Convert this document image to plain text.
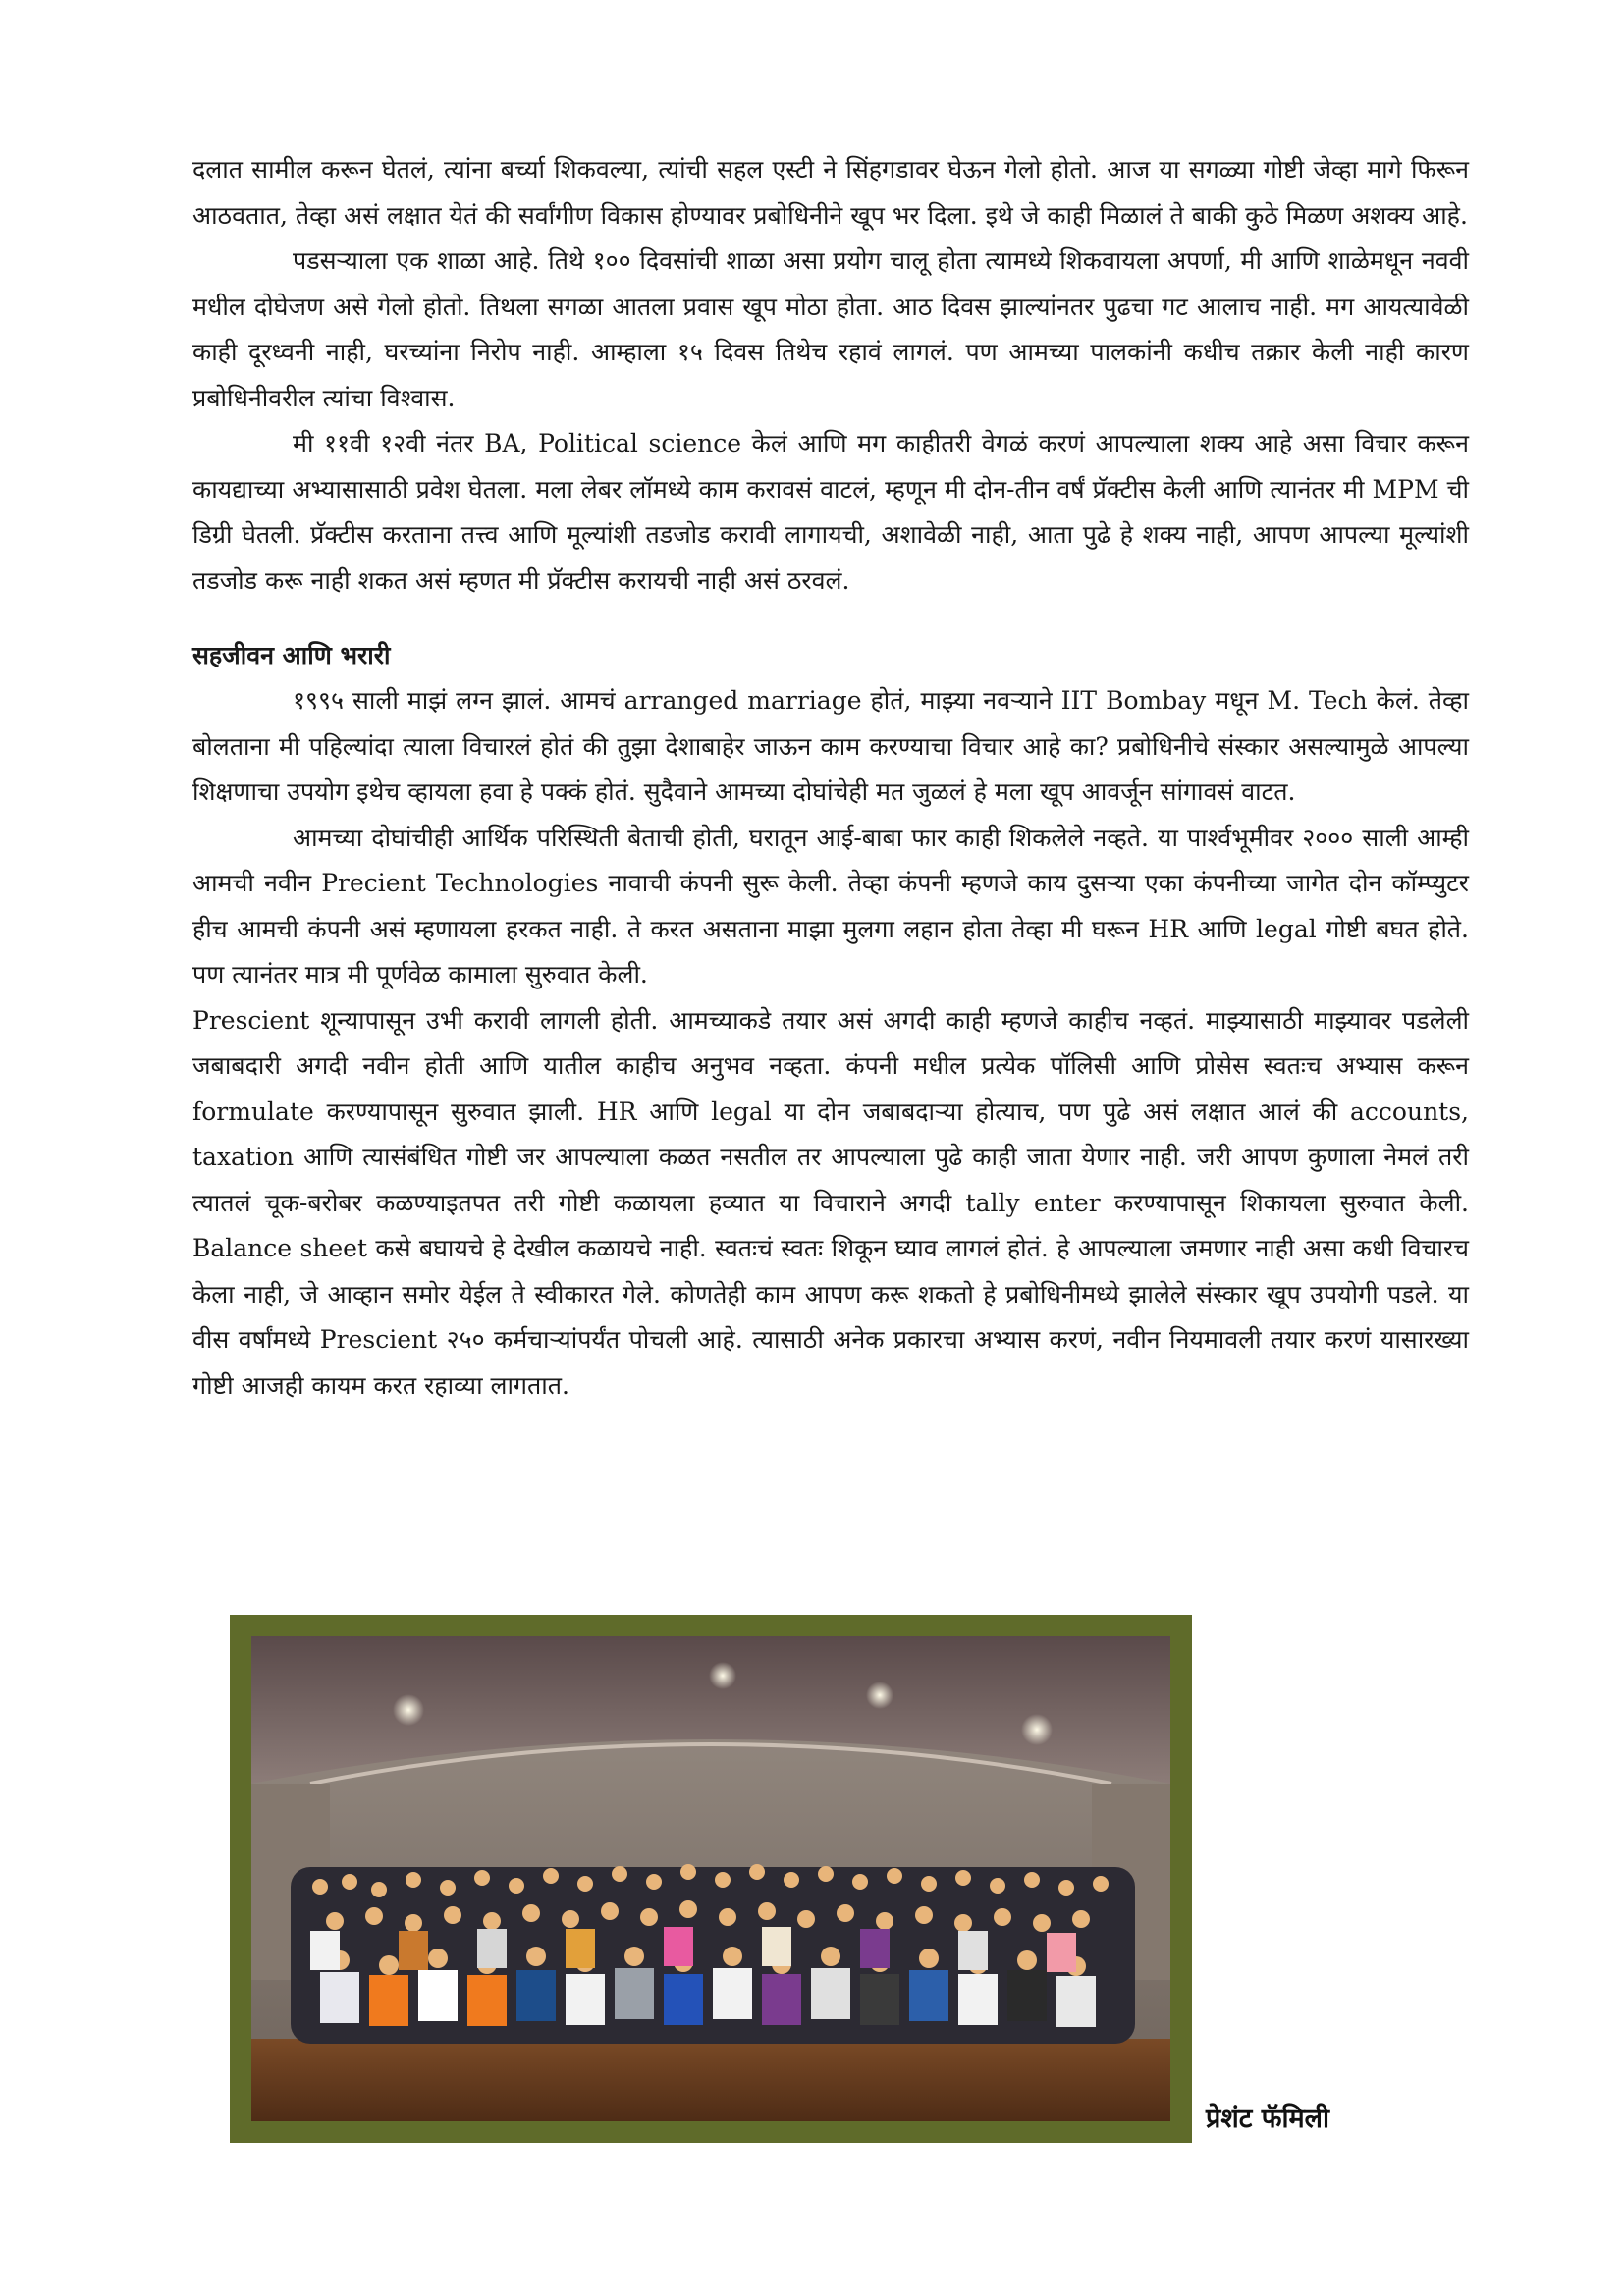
दलात सामील करून घेतलं, त्यांना बर्च्या शिकवल्या, त्यांची सहल एस्टी ने सिंहगडावर घेऊन गेलो होतो. आज या सगळ्या गोष्टी जेव्हा मागे फिरून आठवतात, तेव्हा असं लक्षात येतं की सर्वांगीण विकास होण्यावर प्रबोधिनीने खूप भर दिला. इथे जे काही मिळालं ते बाकी कुठे मिळण अशक्य आहे.

पडसऱ्याला एक शाळा आहे. तिथे १०० दिवसांची शाळा असा प्रयोग चालू होता त्यामध्ये शिकवायला अपर्णा, मी आणि शाळेमधून नववी मधील दोघेजण असे गेलो होतो. तिथला सगळा आतला प्रवास खूप मोठा होता. आठ दिवस झाल्यांनतर पुढचा गट आलाच नाही. मग आयत्यावेळी काही दूरध्वनी नाही, घरच्यांना निरोप नाही. आम्हाला १५ दिवस तिथेच रहावं लागलं. पण आमच्या पालकांनी कधीच तक्रार केली नाही कारण प्रबोधिनीवरील त्यांचा विश्वास.

मी ११वी १२वी नंतर BA, Political science केलं आणि मग काहीतरी वेगळं करणं आपल्याला शक्य आहे असा विचार करून कायद्याच्या अभ्यासासाठी प्रवेश घेतला. मला लेबर लॉमध्ये काम करावसं वाटलं, म्हणून मी दोन-तीन वर्षं प्रॅक्टीस केली आणि त्यानंतर मी MPM ची डिग्री घेतली. प्रॅक्टीस करताना तत्त्व आणि मूल्यांशी तडजोड करावी लागायची, अशावेळी नाही, आता पुढे हे शक्य नाही, आपण आपल्या मूल्यांशी तडजोड करू नाही शकत असं म्हणत मी प्रॅक्टीस करायची नाही असं ठरवलं.

सहजीवन आणि भरारी

१९९५ साली माझं लग्न झालं. आमचं arranged marriage होतं, माझ्या नवऱ्याने IIT Bombay मधून M. Tech केलं. तेव्हा बोलताना मी पहिल्यांदा त्याला विचारलं होतं की तुझा देशाबाहेर जाऊन काम करण्याचा विचार आहे का? प्रबोधिनीचे संस्कार असल्यामुळे आपल्या शिक्षणाचा उपयोग इथेच व्हायला हवा हे पक्कं होतं. सुदैवाने आमच्या दोघांचेही मत जुळलं हे मला खूप आवर्जून सांगावसं वाटत.

आमच्या दोघांचीही आर्थिक परिस्थिती बेताची होती, घरातून आई-बाबा फार काही शिकलेले नव्हते. या पार्श्वभूमीवर २००० साली आम्ही आमची नवीन Precient Technologies नावाची कंपनी सुरू केली. तेव्हा कंपनी म्हणजे काय दुसऱ्या एका कंपनीच्या जागेत दोन कॉम्प्युटर हीच आमची कंपनी असं म्हणायला हरकत नाही. ते करत असताना माझा मुलगा लहान होता तेव्हा मी घरून HR आणि legal गोष्टी बघत होते. पण त्यानंतर मात्र मी पूर्णवेळ कामाला सुरुवात केली.

Prescient शून्यापासून उभी करावी लागली होती. आमच्याकडे तयार असं अगदी काही म्हणजे काहीच नव्हतं. माझ्यासाठी माझ्यावर पडलेली जबाबदारी अगदी नवीन होती आणि यातील काहीच अनुभव नव्हता. कंपनी मधील प्रत्येक पॉलिसी आणि प्रोसेस स्वतःच अभ्यास करून formulate करण्यापासून सुरुवात झाली. HR आणि legal या दोन जबाबदाऱ्या होत्याच, पण पुढे असं लक्षात आलं की accounts, taxation आणि त्यासंबंधित गोष्टी जर आपल्याला कळत नसतील तर आपल्याला पुढे काही जाता येणार नाही. जरी आपण कुणाला नेमलं तरी त्यातलं चूक-बरोबर कळण्याइतपत तरी गोष्टी कळायला हव्यात या विचाराने अगदी tally enter करण्यापासून शिकायला सुरुवात केली. Balance sheet कसे बघायचे हे देखील कळायचे नाही. स्वतःचं स्वतः शिकून घ्याव लागलं होतं. हे आपल्याला जमणार नाही असा कधी विचारच केला नाही, जे आव्हान समोर येईल ते स्वीकारत गेले. कोणतेही काम आपण करू शकतो हे प्रबोधिनीमध्ये झालेले संस्कार खूप उपयोगी पडले. या वीस वर्षांमध्ये Prescient २५० कर्मचाऱ्यांपर्यंत पोचली आहे. त्यासाठी अनेक प्रकारचा अभ्यास करणं, नवीन नियमावली तयार करणं यासारख्या गोष्टी आजही कायम करत रहाव्या लागतात.

प्रेशंट फॅमिली
